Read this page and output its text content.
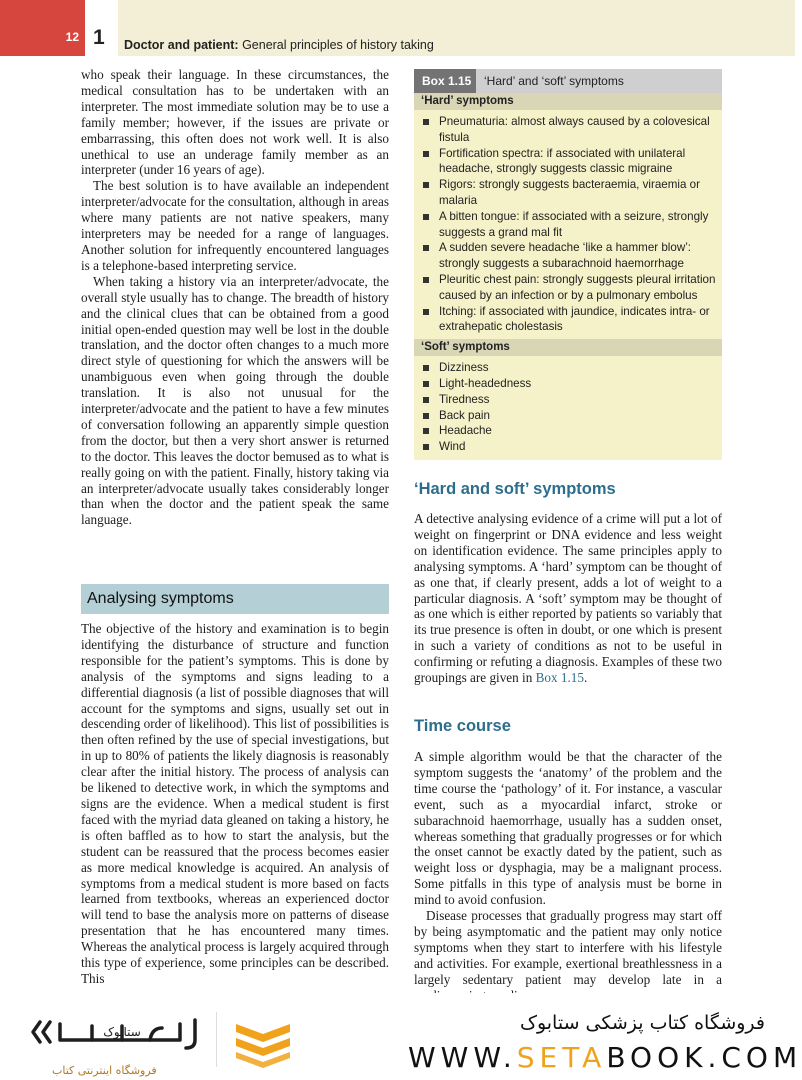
12 1 Doctor and patient: General principles of history taking

who speak their language. In these circumstances, the medical consultation has to be undertaken with an interpreter. The most immediate solution may be to use a family member; however, if the issues are private or embarrassing, this often does not work well. It is also unethical to use an underage family member as an interpreter (under 16 years of age).

The best solution is to have available an independent interpreter/advocate for the consultation, although in areas where many patients are not native speakers, many interpreters may be needed for a range of languages. Another solution for infrequently encountered languages is a telephone-based interpreting service.

When taking a history via an interpreter/advocate, the overall style usually has to change. The breadth of history and the clinical clues that can be obtained from a good initial open-ended question may well be lost in the double translation, and the doctor often changes to a much more direct style of questioning for which the answers will be unambiguous even when going through the double translation. It is also not unusual for the interpreter/advocate and the patient to have a few minutes of conversation following an apparently simple question from the doctor, but then a very short answer is returned to the doctor. This leaves the doctor bemused as to what is really going on with the patient. Finally, history taking via an interpreter/advocate usually takes considerably longer than when the doctor and the patient speak the same language.

Analysing symptoms

The objective of the history and examination is to begin identifying the disturbance of structure and function responsible for the patient’s symptoms. This is done by analysis of the symptoms and signs leading to a differential diagnosis (a list of possible diagnoses that will account for the symptoms and signs, usually set out in descending order of likelihood). This list of possibilities is then often refined by the use of special investigations, but in up to 80% of patients the likely diagnosis is reasonably clear after the initial history. The process of analysis can be likened to detective work, in which the symptoms and signs are the evidence. When a medical student is first faced with the myriad data gleaned on taking a history, he is often baffled as to how to start the analysis, but the student can be reassured that the process becomes easier as more medical knowledge is acquired. An analysis of symptoms from a medical student is more based on facts learned from textbooks, whereas an experienced doctor will tend to base the analysis more on patterns of disease presentation that he has encountered many times. Whereas the analytical process is largely acquired through this type of experience, some principles can be described. This

Box 1.15	‘Hard’ and ‘soft’ symptoms
‘Hard’ symptoms
Pneumaturia: almost always caused by a colovesical fistula
Fortification spectra: if associated with unilateral headache, strongly suggests classic migraine
Rigors: strongly suggests bacteraemia, viraemia or malaria
A bitten tongue: if associated with a seizure, strongly suggests a grand mal fit
A sudden severe headache ‘like a hammer blow’: strongly suggests a subarachnoid haemorrhage
Pleuritic chest pain: strongly suggests pleural irritation caused by an infection or by a pulmonary embolus
Itching: if associated with jaundice, indicates intra- or extrahepatic cholestasis
‘Soft’ symptoms
Dizziness
Light-headedness
Tiredness
Back pain
Headache
Wind
‘Hard and soft’ symptoms

A detective analysing evidence of a crime will put a lot of weight on fingerprint or DNA evidence and less weight on identification evidence. The same principles apply to analysing symptoms. A ‘hard’ symptom can be thought of as one that, if clearly present, adds a lot of weight to a particular diagnosis. A ‘soft’ symptom may be thought of as one which is either reported by patients so variably that its true presence is often in doubt, or one which is present in such a variety of conditions as not to be useful in confirming or refuting a diagnosis. Examples of these two groupings are given in Box 1.15.

Time course

A simple algorithm would be that the character of the symptom suggests the ‘anatomy’ of the problem and the time course the ‘pathology’ of it. For instance, a vascular event, such as a myocardial infarct, stroke or subarachnoid haemorrhage, usually has a sudden onset, whereas something that gradually progresses or for which the onset cannot be exactly dated by the patient, such as weight loss or dysphagia, may be a malignant process. Some pitfalls in this type of analysis must be borne in mind to avoid confusion.

Disease processes that gradually progress may start off by being asymptomatic and the patient may only notice symptoms when they start to interfere with his lifestyle and activities. For example, exertional breathlessness in a largely sedentary patient may develop late in a

ستابوک
فروشگاه اینترنتی کتاب
فروشگاه کتاب پزشکی ستابوک
WWW.SETABOOK.COM
